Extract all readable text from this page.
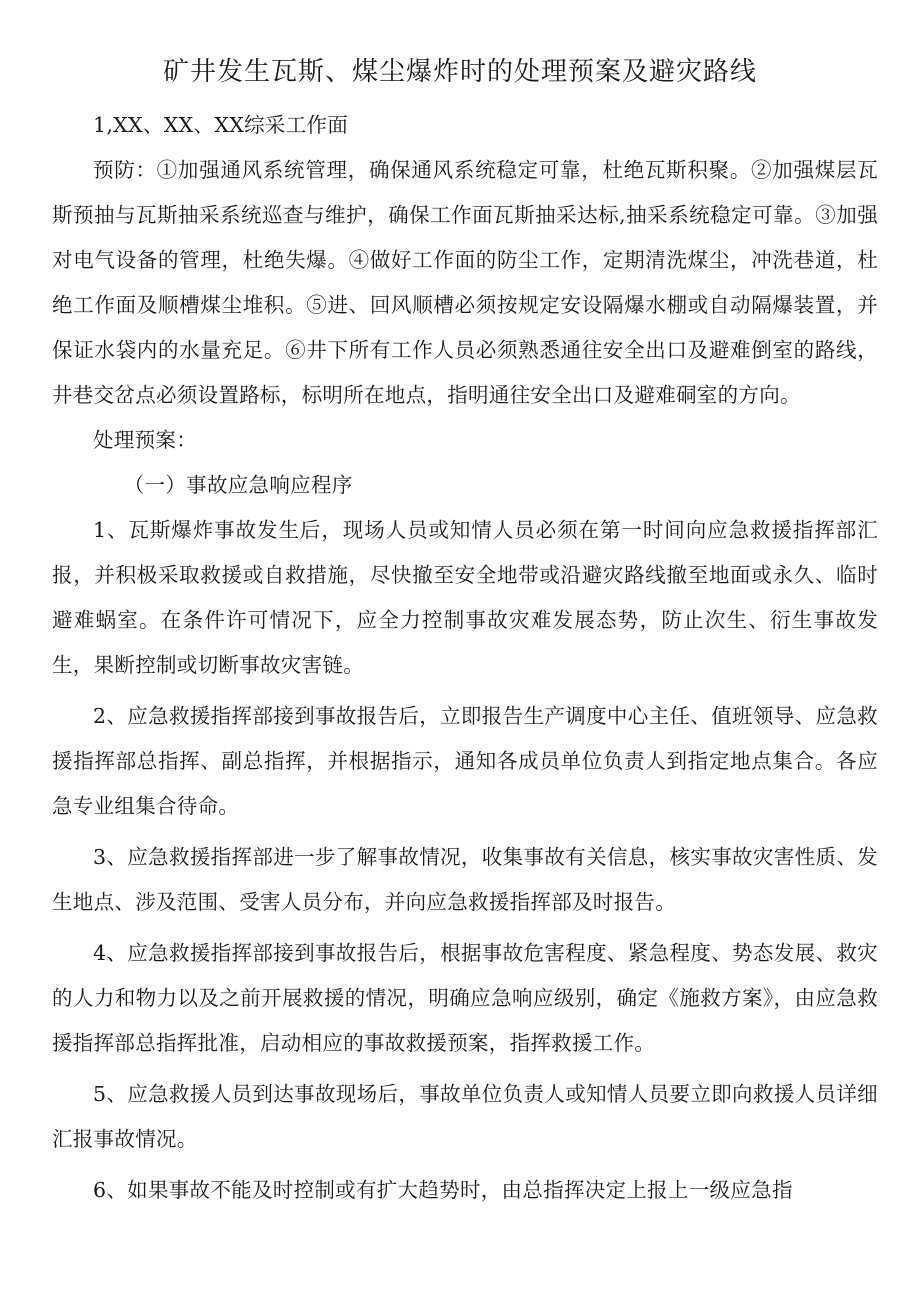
矿井发生瓦斯、煤尘爆炸时的处理预案及避灾路线

1,XX、XX、XX综采工作面

预防：①加强通风系统管理，确保通风系统稳定可靠，杜绝瓦斯积聚。②加强煤层瓦斯预抽与瓦斯抽采系统巡查与维护，确保工作面瓦斯抽采达标,抽采系统稳定可靠。③加强对电气设备的管理，杜绝失爆。④做好工作面的防尘工作，定期清洗煤尘，冲洗巷道，杜绝工作面及顺槽煤尘堆积。⑤进、回风顺槽必须按规定安设隔爆水棚或自动隔爆装置，并保证水袋内的水量充足。⑥井下所有工作人员必须熟悉通往安全出口及避难倒室的路线，井巷交岔点必须设置路标，标明所在地点，指明通往安全出口及避难硐室的方向。

处理预案：

（一）事故应急响应程序

1、瓦斯爆炸事故发生后，现场人员或知情人员必须在第一时间向应急救援指挥部汇报，并积极采取救援或自救措施，尽快撤至安全地带或沿避灾路线撤至地面或永久、临时避难蜗室。在条件许可情况下，应全力控制事故灾难发展态势，防止次生、衍生事故发生，果断控制或切断事故灾害链。

2、应急救援指挥部接到事故报告后，立即报告生产调度中心主任、值班领导、应急救援指挥部总指挥、副总指挥，并根据指示，通知各成员单位负责人到指定地点集合。各应急专业组集合待命。

3、应急救援指挥部进一步了解事故情况，收集事故有关信息，核实事故灾害性质、发生地点、涉及范围、受害人员分布，并向应急救援指挥部及时报告。

4、应急救援指挥部接到事故报告后，根据事故危害程度、紧急程度、势态发展、救灾的人力和物力以及之前开展救援的情况，明确应急响应级别，确定《施救方案》，由应急救援指挥部总指挥批准，启动相应的事故救援预案，指挥救援工作。

5、应急救援人员到达事故现场后，事故单位负责人或知情人员要立即向救援人员详细汇报事故情况。

6、如果事故不能及时控制或有扩大趋势时，由总指挥决定上报上一级应急指
